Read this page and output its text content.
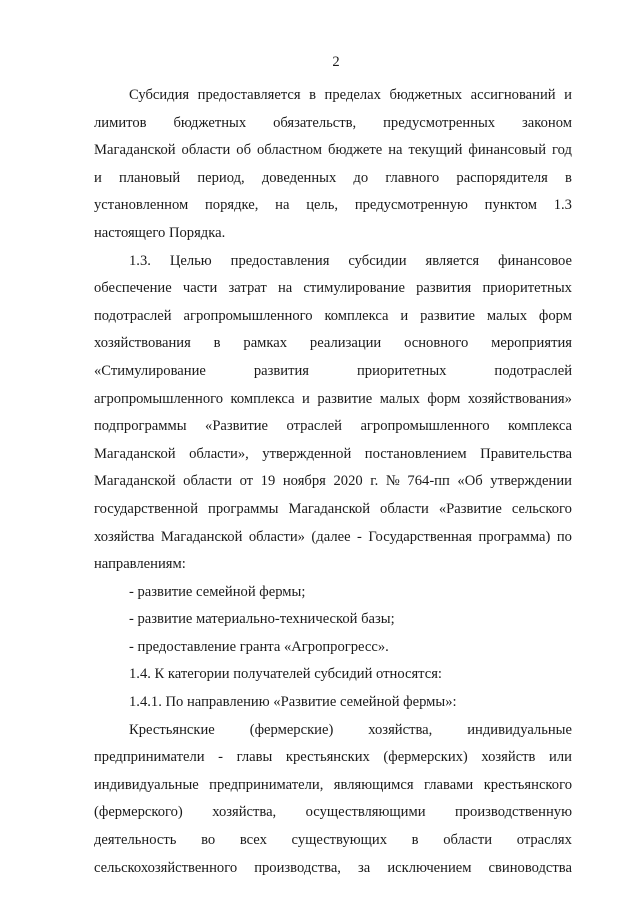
2
Субсидия предоставляется в пределах бюджетных ассигнований и
лимитов бюджетных обязательств, предусмотренных законом
Магаданской области об областном бюджете на текущий финансовый год
и плановый период, доведенных до главного распорядителя в
установленном порядке, на цель, предусмотренную пунктом 1.3
настоящего Порядка.
1.3. Целью предоставления субсидии является финансовое
обеспечение части затрат на стимулирование развития приоритетных
подотраслей агропромышленного комплекса и развитие малых форм
хозяйствования в рамках реализации основного мероприятия
«Стимулирование	развития	приоритетных	подотраслей
агропромышленного комплекса и развитие малых форм хозяйствования»
подпрограммы «Развитие отраслей агропромышленного комплекса
Магаданской области», утвержденной постановлением Правительства
Магаданской области от 19 ноября 2020 г. № 764-пп «Об утверждении
государственной программы Магаданской области «Развитие сельского
хозяйства Магаданской области» (далее - Государственная программа) по
направлениям:
- развитие семейной фермы;
- развитие материально-технической базы;
- предоставление гранта «Агропрогресс».
1.4. К категории получателей субсидий относятся:
1.4.1. По направлению «Развитие семейной фермы»:
Крестьянские (фермерские) хозяйства, индивидуальные
предприниматели - главы крестьянских (фермерских) хозяйств или
индивидуальные предприниматели, являющимся главами крестьянского
(фермерского) хозяйства, осуществляющими производственную
деятельность во всех существующих в области отраслях
сельскохозяйственного производства, за исключением свиноводства
